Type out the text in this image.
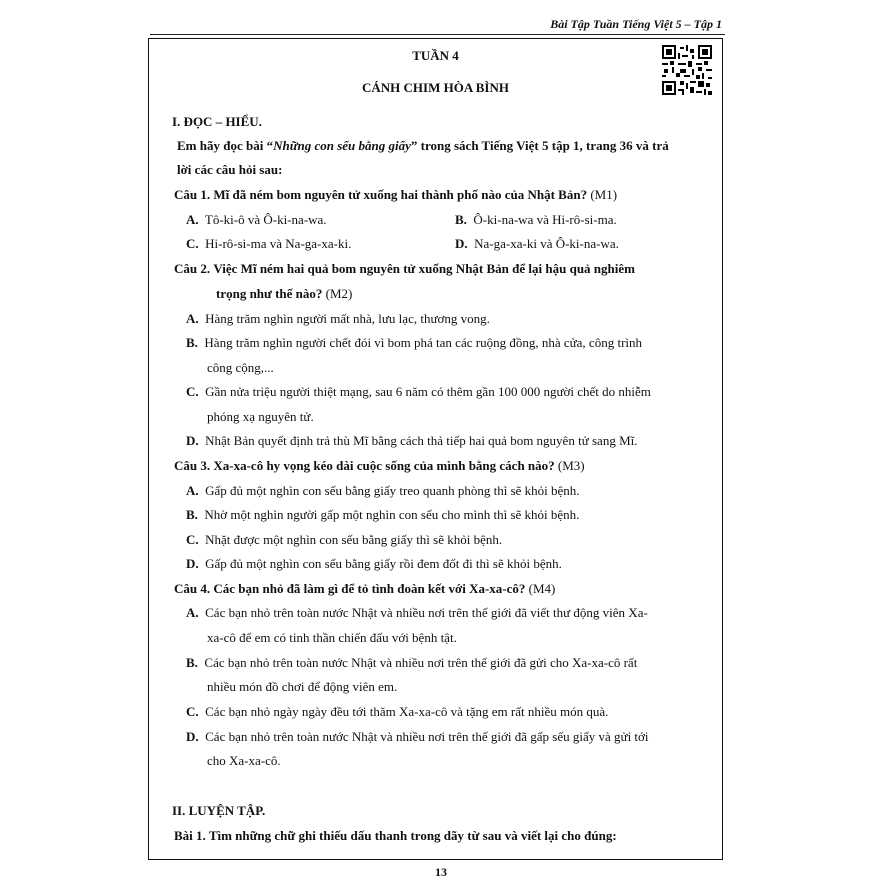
Bài Tập Tuần Tiếng Việt 5 – Tập 1
TUẦN 4
CÁNH CHIM HÒA BÌNH
I. ĐỌC – HIỂU.
Em hãy đọc bài “Những con sếu bằng giấy” trong sách Tiếng Việt 5 tập 1, trang 36 và trả
lời các câu hỏi sau:
Câu 1. Mĩ đã ném bom nguyên tử xuống hai thành phố nào của Nhật Bản? (M1)
A. Tô-ki-ô và Ô-ki-na-wa.	B. Ô-ki-na-wa và Hi-rô-si-ma.
C. Hi-rô-si-ma và Na-ga-xa-ki.	D. Na-ga-xa-ki và Ô-ki-na-wa.
Câu 2. Việc Mĩ ném hai quả bom nguyên tử xuống Nhật Bản để lại hậu quả nghiêm
trọng như thế nào? (M2)
A. Hàng trăm nghìn người mất nhà, lưu lạc, thương vong.
B. Hàng trăm nghìn người chết đói vì bom phá tan các ruộng đồng, nhà cửa, công trình
công cộng,...
C. Gần nửa triệu người thiệt mạng, sau 6 năm có thêm gần 100 000 người chết do nhiễm
phóng xạ nguyên tử.
D. Nhật Bản quyết định trả thù Mĩ bằng cách thả tiếp hai quả bom nguyên tử sang Mĩ.
Câu 3. Xa-xa-cô hy vọng kéo dài cuộc sống của mình bằng cách nào? (M3)
A. Gấp đủ một nghìn con sếu bằng giấy treo quanh phòng thì sẽ khỏi bệnh.
B. Nhờ một nghìn người gấp một nghìn con sếu cho mình thì sẽ khỏi bệnh.
C. Nhặt được một nghìn con sếu bằng giấy thì sẽ khỏi bệnh.
D. Gấp đủ một nghìn con sếu bằng giấy rồi đem đốt đi thì sẽ khỏi bệnh.
Câu 4. Các bạn nhỏ đã làm gì để tỏ tình đoàn kết với Xa-xa-cô? (M4)
A. Các bạn nhỏ trên toàn nước Nhật và nhiều nơi trên thế giới đã viết thư động viên Xa-
xa-cô để em có tinh thần chiến đấu với bệnh tật.
B. Các bạn nhỏ trên toàn nước Nhật và nhiều nơi trên thế giới đã gửi cho Xa-xa-cô rất
nhiều món đồ chơi để động viên em.
C. Các bạn nhỏ ngày ngày đều tới thăm Xa-xa-cô và tặng em rất nhiều món quà.
D. Các bạn nhỏ trên toàn nước Nhật và nhiều nơi trên thế giới đã gấp sếu giấy và gửi tới
cho Xa-xa-cô.
II. LUYỆN TẬP.
Bài 1. Tìm những chữ ghi thiếu dấu thanh trong dãy từ sau và viết lại cho đúng:
13
